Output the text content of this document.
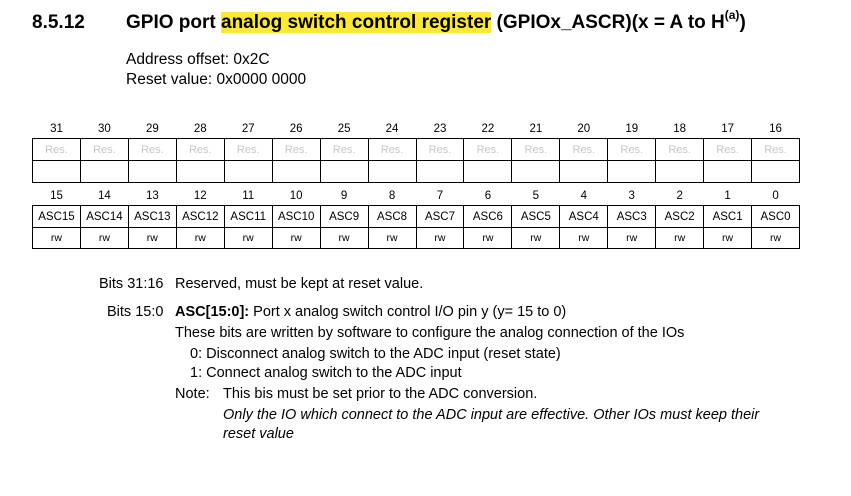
8.5.12 GPIO port analog switch control register (GPIOx_ASCR)(x = A to $H^{(a)}$)
Address offset: 0x2C
Reset value: 0x0000 0000
31	30	29	28	27	26	25	24	23	22	21	20	19	18	17	16
Res.	Res.	Res.	Res.	Res.	Res.	Res.	Res.	Res.	Res.	Res.	Res.	Res.	Res.	Res.	Res.

15	14	13	12	11	10	9	8	7	6	5	4	3	2	1	0
ASC15	ASC14	ASC13	ASC12	ASC11	ASC10	ASC9	ASC8	ASC7	ASC6	ASC5	ASC4	ASC3	ASC2	ASC1	ASC0
rw	rw	rw	rw	rw	rw	rw	rw	rw	rw	rw	rw	rw	rw	rw	rw
Bits 31:16 Reserved, must be kept at reset value.
Bits 15:0 ASC[15:0]: Port x analog switch control I/O pin y (y= 15 to 0)
These bits are written by software to configure the analog connection of the IOs
0: Disconnect analog switch to the ADC input (reset state)
1: Connect analog switch to the ADC input
Note: This bis must be set prior to the ADC conversion.
Only the IO which connect to the ADC input are effective. Other IOs must keep their
reset value
